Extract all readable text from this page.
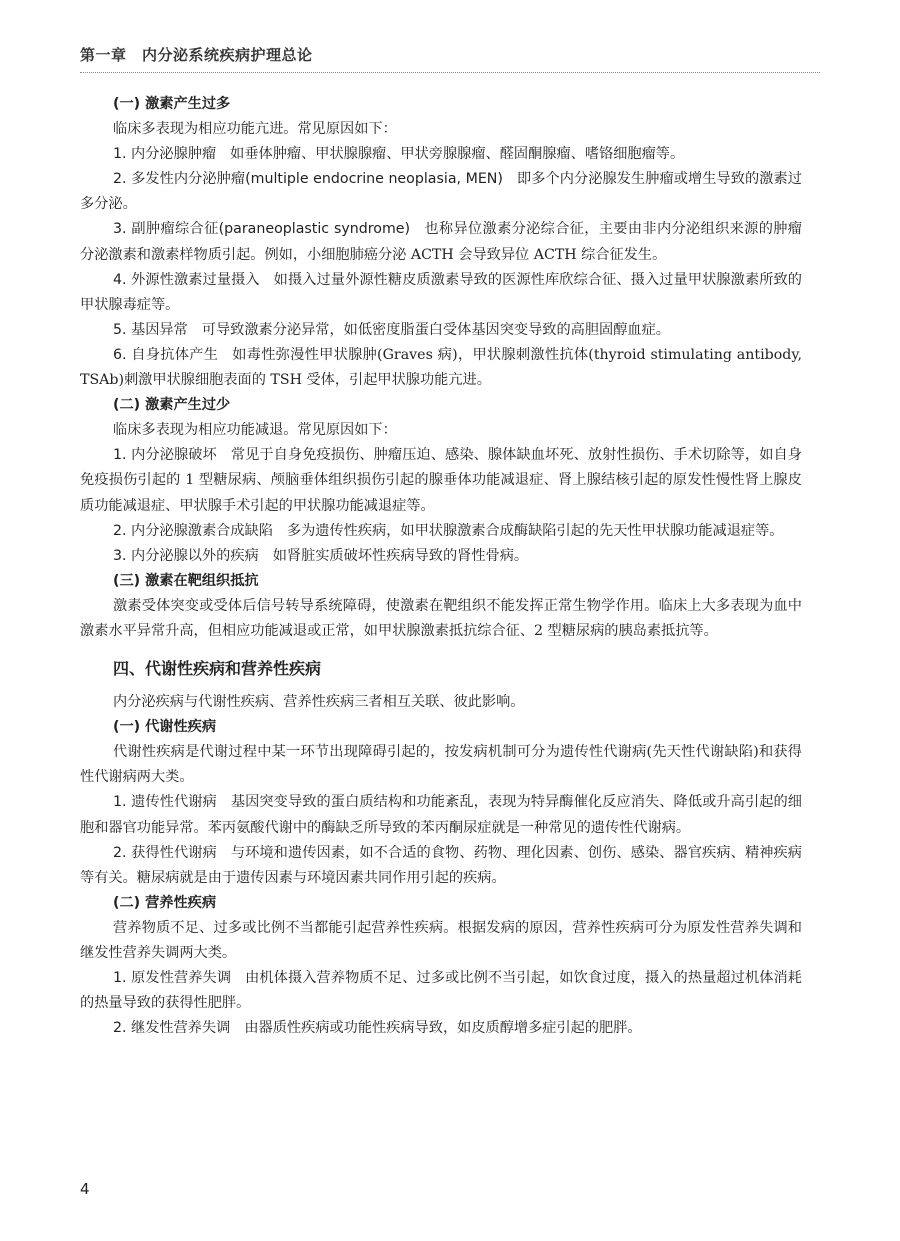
第一章　内分泌系统疾病护理总论

(一) 激素产生过多

临床多表现为相应功能亢进。常见原因如下：

1. 内分泌腺肿瘤 如垂体肿瘤、甲状腺腺瘤、甲状旁腺腺瘤、醛固酮腺瘤、嗜铬细胞瘤等。

2. 多发性内分泌肿瘤(multiple endocrine neoplasia, MEN) 即多个内分泌腺发生肿瘤或增生导致的激素过多分泌。

3. 副肿瘤综合征(paraneoplastic syndrome) 也称异位激素分泌综合征，主要由非内分泌组织来源的肿瘤分泌激素和激素样物质引起。例如，小细胞肺癌分泌 ACTH 会导致异位 ACTH 综合征发生。

4. 外源性激素过量摄入 如摄入过量外源性糖皮质激素导致的医源性库欣综合征、摄入过量甲状腺激素所致的甲状腺毒症等。

5. 基因异常 可导致激素分泌异常，如低密度脂蛋白受体基因突变导致的高胆固醇血症。

6. 自身抗体产生 如毒性弥漫性甲状腺肿(Graves 病)，甲状腺刺激性抗体(thyroid stimulating antibody, TSAb)刺激甲状腺细胞表面的 TSH 受体，引起甲状腺功能亢进。

(二) 激素产生过少

临床多表现为相应功能减退。常见原因如下：

1. 内分泌腺破坏 常见于自身免疫损伤、肿瘤压迫、感染、腺体缺血坏死、放射性损伤、手术切除等，如自身免疫损伤引起的 1 型糖尿病、颅脑垂体组织损伤引起的腺垂体功能减退症、肾上腺结核引起的原发性慢性肾上腺皮质功能减退症、甲状腺手术引起的甲状腺功能减退症等。

2. 内分泌腺激素合成缺陷 多为遗传性疾病，如甲状腺激素合成酶缺陷引起的先天性甲状腺功能减退症等。

3. 内分泌腺以外的疾病 如肾脏实质破坏性疾病导致的肾性骨病。

(三) 激素在靶组织抵抗

激素受体突变或受体后信号转导系统障碍，使激素在靶组织不能发挥正常生物学作用。临床上大多表现为血中激素水平异常升高，但相应功能减退或正常，如甲状腺激素抵抗综合征、2 型糖尿病的胰岛素抵抗等。

四、代谢性疾病和营养性疾病

内分泌疾病与代谢性疾病、营养性疾病三者相互关联、彼此影响。

(一) 代谢性疾病

代谢性疾病是代谢过程中某一环节出现障碍引起的，按发病机制可分为遗传性代谢病(先天性代谢缺陷)和获得性代谢病两大类。

1. 遗传性代谢病 基因突变导致的蛋白质结构和功能紊乱，表现为特异酶催化反应消失、降低或升高引起的细胞和器官功能异常。苯丙氨酸代谢中的酶缺乏所导致的苯丙酮尿症就是一种常见的遗传性代谢病。

2. 获得性代谢病 与环境和遗传因素，如不合适的食物、药物、理化因素、创伤、感染、器官疾病、精神疾病等有关。糖尿病就是由于遗传因素与环境因素共同作用引起的疾病。

(二) 营养性疾病

营养物质不足、过多或比例不当都能引起营养性疾病。根据发病的原因，营养性疾病可分为原发性营养失调和继发性营养失调两大类。

1. 原发性营养失调 由机体摄入营养物质不足、过多或比例不当引起，如饮食过度，摄入的热量超过机体消耗的热量导致的获得性肥胖。

2. 继发性营养失调 由器质性疾病或功能性疾病导致，如皮质醇增多症引起的肥胖。

4
